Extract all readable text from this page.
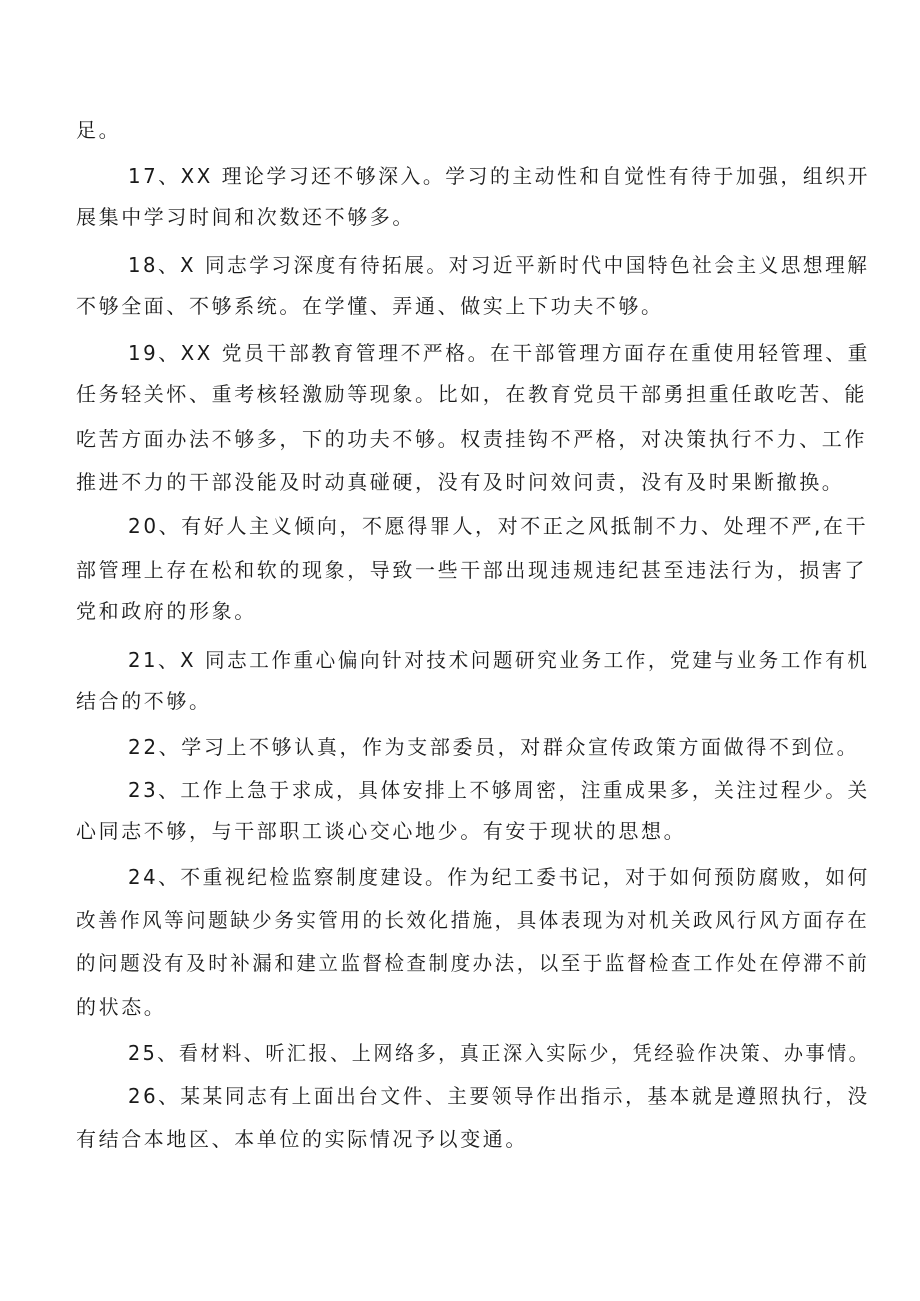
足。
17、XX 理论学习还不够深入。学习的主动性和自觉性有待于加强，组织开
展集中学习时间和次数还不够多。
18、X 同志学习深度有待拓展。对习近平新时代中国特色社会主义思想理解
不够全面、不够系统。在学懂、弄通、做实上下功夫不够。
19、XX 党员干部教育管理不严格。在干部管理方面存在重使用轻管理、重
任务轻关怀、重考核轻激励等现象。比如，在教育党员干部勇担重任敢吃苦、能
吃苦方面办法不够多，下的功夫不够。权责挂钩不严格，对决策执行不力、工作
推进不力的干部没能及时动真碰硬，没有及时问效问责，没有及时果断撤换。
20、有好人主义倾向，不愿得罪人，对不正之风抵制不力、处理不严,在干
部管理上存在松和软的现象，导致一些干部出现违规违纪甚至违法行为，损害了
党和政府的形象。
21、X 同志工作重心偏向针对技术问题研究业务工作，党建与业务工作有机
结合的不够。
22、学习上不够认真，作为支部委员，对群众宣传政策方面做得不到位。
23、工作上急于求成，具体安排上不够周密，注重成果多，关注过程少。关
心同志不够，与干部职工谈心交心地少。有安于现状的思想。
24、不重视纪检监察制度建设。作为纪工委书记，对于如何预防腐败，如何
改善作风等问题缺少务实管用的长效化措施，具体表现为对机关政风行风方面存在
的问题没有及时补漏和建立监督检查制度办法，以至于监督检查工作处在停滞不前
的状态。
25、看材料、听汇报、上网络多，真正深入实际少，凭经验作决策、办事情。
26、某某同志有上面出台文件、主要领导作出指示，基本就是遵照执行，没
有结合本地区、本单位的实际情况予以变通。
